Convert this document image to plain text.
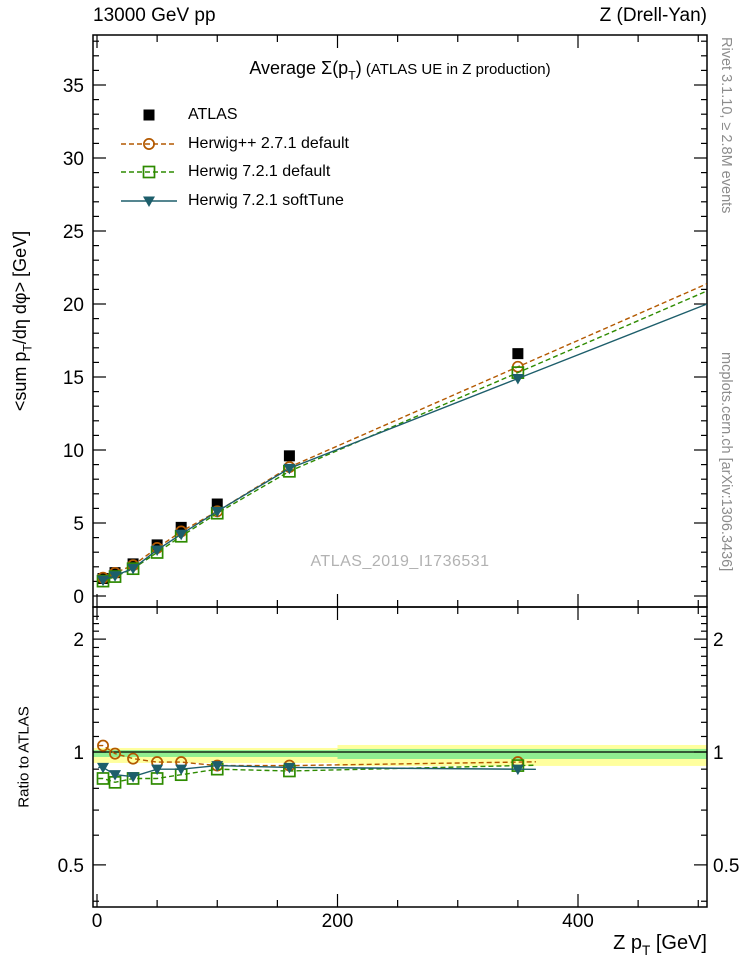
0
5
10
15
20
25
30
35
0	200	400
0.5	0.5
1	1
2	2
13000 GeV pp	Z (Drell-Yan)
Average $\Sigma(p_T)$ (ATLAS UE in Z production)
<sum $p_T/d\eta$ dφ> [GeV]
Ratio to ATLAS
Z $p_T$ [GeV]
Rivet 3.1.10, ≥ 2.8M events
mcplots.cern.ch [arXiv:1306.3436]
ATLAS_2019_I1736531
ATLAS
Herwig++ 2.7.1 default
Herwig 7.2.1 default
Herwig 7.2.1 softTune
